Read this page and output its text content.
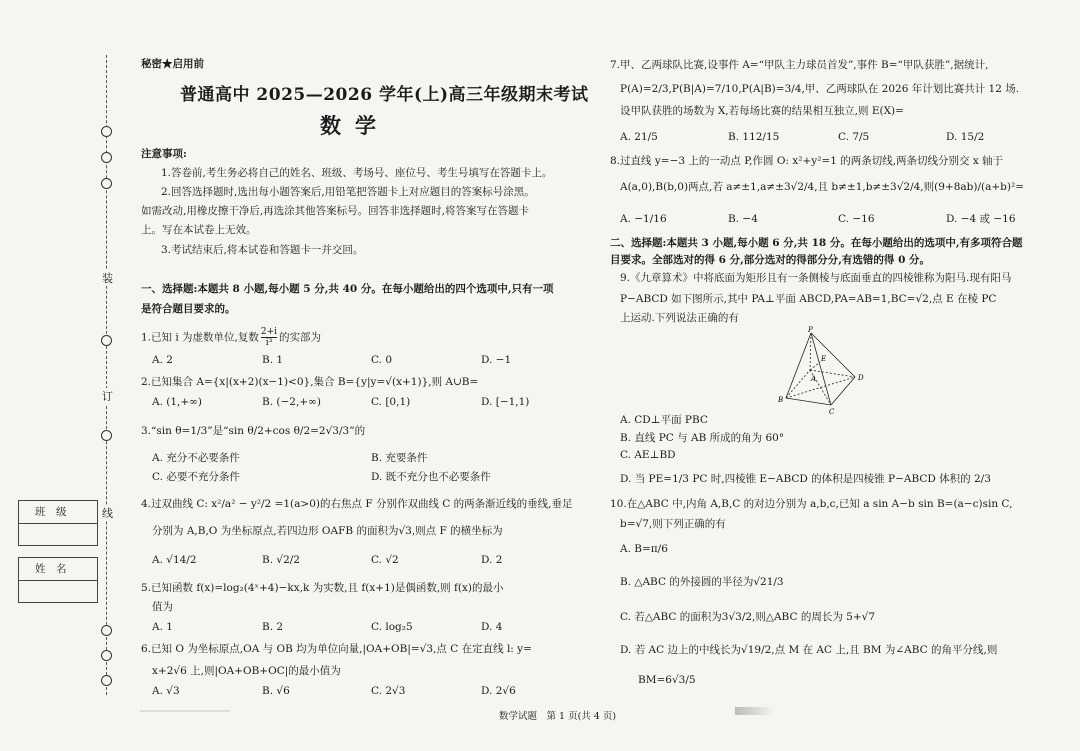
装
订
线
班　级
姓　名
秘密★启用前
普通高中 2025—2026 学年(上)高三年级期末考试
数学
注意事项:
1.答卷前,考生务必将自己的姓名、班级、考场号、座位号、考生号填写在答题卡上。
2.回答选择题时,选出每小题答案后,用铅笔把答题卡上对应题目的答案标号涂黑。
如需改动,用橡皮擦干净后,再选涂其他答案标号。回答非选择题时,将答案写在答题卡
上。写在本试卷上无效。
3.考试结束后,将本试卷和答题卡一并交回。
一、选择题:本题共 8 小题,每小题 5 分,共 40 分。在每小题给出的四个选项中,只有一项
是符合题目要求的。
1.已知 i 为虚数单位,复数 $\frac{2+i}{\text{i³}}$ 的实部为
A. 2	B. 1	C. 0	D. −1
2.已知集合 A={x|(x+2)(x−1)<0},集合 B={y|y=√(x+1)},则 A∪B=
A. (1,+∞)	B. (−2,+∞)	C. [0,1)	D. [−1,1)
3.“sin θ=1/3”是“sin θ/2+cos θ/2=2√3/3”的
A. 充分不必要条件	B. 充要条件
C. 必要不充分条件	D. 既不充分也不必要条件
4.过双曲线 C: x²/a² − y²/2 =1(a>0)的右焦点 F 分别作双曲线 C 的两条渐近线的垂线,垂足
分别为 A,B,O 为坐标原点,若四边形 OAFB 的面积为√3,则点 F 的横坐标为
A. √14/2	B. √2/2	C. √2	D. 2
5.已知函数 f(x)=log₂(4ˣ+4)−kx,k 为实数,且 f(x+1)是偶函数,则 f(x)的最小
值为
A. 1	B. 2	C. log₂5	D. 4
6.已知 O 为坐标原点,OA 与 OB 均为单位向量,|OA+OB|=√3,点 C 在定直线 l: y=
x+2√6 上,则|OA+OB+OC|的最小值为
A. √3	B. √6	C. 2√3	D. 2√6
7.甲、乙两球队比赛,设事件 A=“甲队主力球员首发”,事件 B=“甲队获胜”,据统计,
P(A)=2/3,P(B|A)=7/10,P(A|B)=3/4,甲、乙两球队在 2026 年计划比赛共计 12 场.
设甲队获胜的场数为 X,若每场比赛的结果相互独立,则 E(X)=
A. 21/5	B. 112/15	C. 7/5	D. 15/2
8.过直线 y=−3 上的一动点 P,作圆 O: x²+y²=1 的两条切线,两条切线分别交 x 轴于
A(a,0),B(b,0)两点,若 a≠±1,a≠±3√2/4,且 b≠±1,b≠±3√2/4,则(9+8ab)/(a+b)²=
A. −1/16	B. −4	C. −16	D. −4 或 −16
二、选择题:本题共 3 小题,每小题 6 分,共 18 分。在每小题给出的选项中,有多项符合题
目要求。全部选对的得 6 分,部分选对的得部分分,有选错的得 0 分。
9.《九章算术》中将底面为矩形且有一条侧棱与底面垂直的四棱锥称为阳马.现有阳马
P−ABCD 如下图所示,其中 PA⊥平面 ABCD,PA=AB=1,BC=√2,点 E 在棱 PC
上运动.下列说法正确的有
P
E
A
B
C
D
A. CD⊥平面 PBC
B. 直线 PC 与 AB 所成的角为 60°
C. AE⊥BD
D. 当 PE=1/3 PC 时,四棱锥 E−ABCD 的体积是四棱锥 P−ABCD 体积的 2/3
10.在△ABC 中,内角 A,B,C 的对边分别为 a,b,c,已知 a sin A−b sin B=(a−c)sin C,
b=√7,则下列正确的有
A. B=π/6
B. △ABC 的外接圆的半径为√21/3
C. 若△ABC 的面积为3√3/2,则△ABC 的周长为 5+√7
D. 若 AC 边上的中线长为√19/2,点 M 在 AC 上,且 BM 为∠ABC 的角平分线,则
BM=6√3/5
数学试题　第 1 页(共 4 页)
